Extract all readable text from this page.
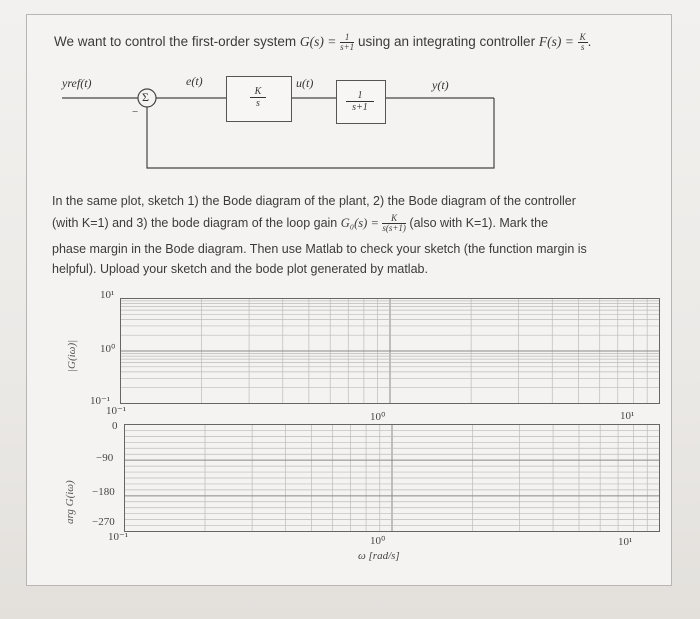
We want to control the first-order system $G(s) = \frac{1}{s+1}$ using an integrating controller $F(s) = \frac{K}{s}$ .
yref(t)
Σ
−
e(t)
$\frac{K}{s}$
u(t)
$\frac{1}{s+1}$
y(t)
In the same plot, sketch 1) the Bode diagram of the plant, 2) the Bode diagram of the controller
(with K=1) and 3) the bode diagram of the loop gain $G_0(s) = \frac{K}{s(s+1)}$ (also with K=1). Mark the
phase margin in the Bode diagram. Then use Matlab to check your sketch (the function margin is
helpful). Upload your sketch and the bode plot generated by matlab.
10¹
10⁰
10⁻¹
|G(iω)|
10⁻¹	10⁰	10¹
0
−90
−180
−270
arg G(iω)
10⁻¹	10⁰	10¹
ω [rad/s]
